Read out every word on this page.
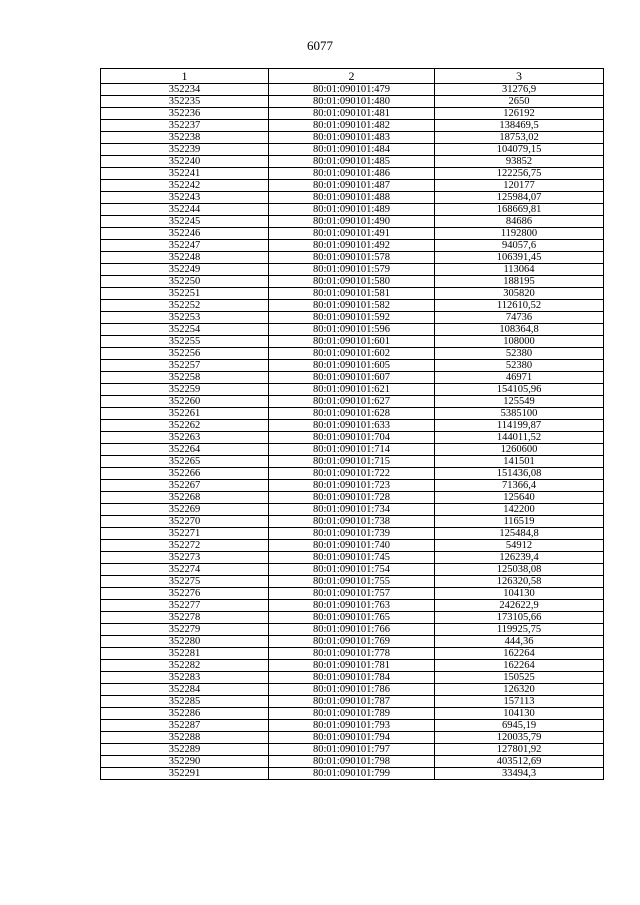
6077
1	2	3
352234	80:01:090101:479	31276,9
352235	80:01:090101:480	2650
352236	80:01:090101:481	126192
352237	80:01:090101:482	138469,5
352238	80:01:090101:483	18753,02
352239	80:01:090101:484	104079,15
352240	80:01:090101:485	93852
352241	80:01:090101:486	122256,75
352242	80:01:090101:487	120177
352243	80:01:090101:488	125984,07
352244	80:01:090101:489	168669,81
352245	80:01:090101:490	84686
352246	80:01:090101:491	1192800
352247	80:01:090101:492	94057,6
352248	80:01:090101:578	106391,45
352249	80:01:090101:579	113064
352250	80:01:090101:580	188195
352251	80:01:090101:581	305820
352252	80:01:090101:582	112610,52
352253	80:01:090101:592	74736
352254	80:01:090101:596	108364,8
352255	80:01:090101:601	108000
352256	80:01:090101:602	52380
352257	80:01:090101:605	52380
352258	80:01:090101:607	46971
352259	80:01:090101:621	154105,96
352260	80:01:090101:627	125549
352261	80:01:090101:628	5385100
352262	80:01:090101:633	114199,87
352263	80:01:090101:704	144011,52
352264	80:01:090101:714	1260600
352265	80:01:090101:715	141501
352266	80:01:090101:722	151436,08
352267	80:01:090101:723	71366,4
352268	80:01:090101:728	125640
352269	80:01:090101:734	142200
352270	80:01:090101:738	116519
352271	80:01:090101:739	125484,8
352272	80:01:090101:740	54912
352273	80:01:090101:745	126239,4
352274	80:01:090101:754	125038,08
352275	80:01:090101:755	126320,58
352276	80:01:090101:757	104130
352277	80:01:090101:763	242622,9
352278	80:01:090101:765	173105,66
352279	80:01:090101:766	119925,75
352280	80:01:090101:769	444,36
352281	80:01:090101:778	162264
352282	80:01:090101:781	162264
352283	80:01:090101:784	150525
352284	80:01:090101:786	126320
352285	80:01:090101:787	157113
352286	80:01:090101:789	104130
352287	80:01:090101:793	6945,19
352288	80:01:090101:794	120035,79
352289	80:01:090101:797	127801,92
352290	80:01:090101:798	403512,69
352291	80:01:090101:799	33494,3
